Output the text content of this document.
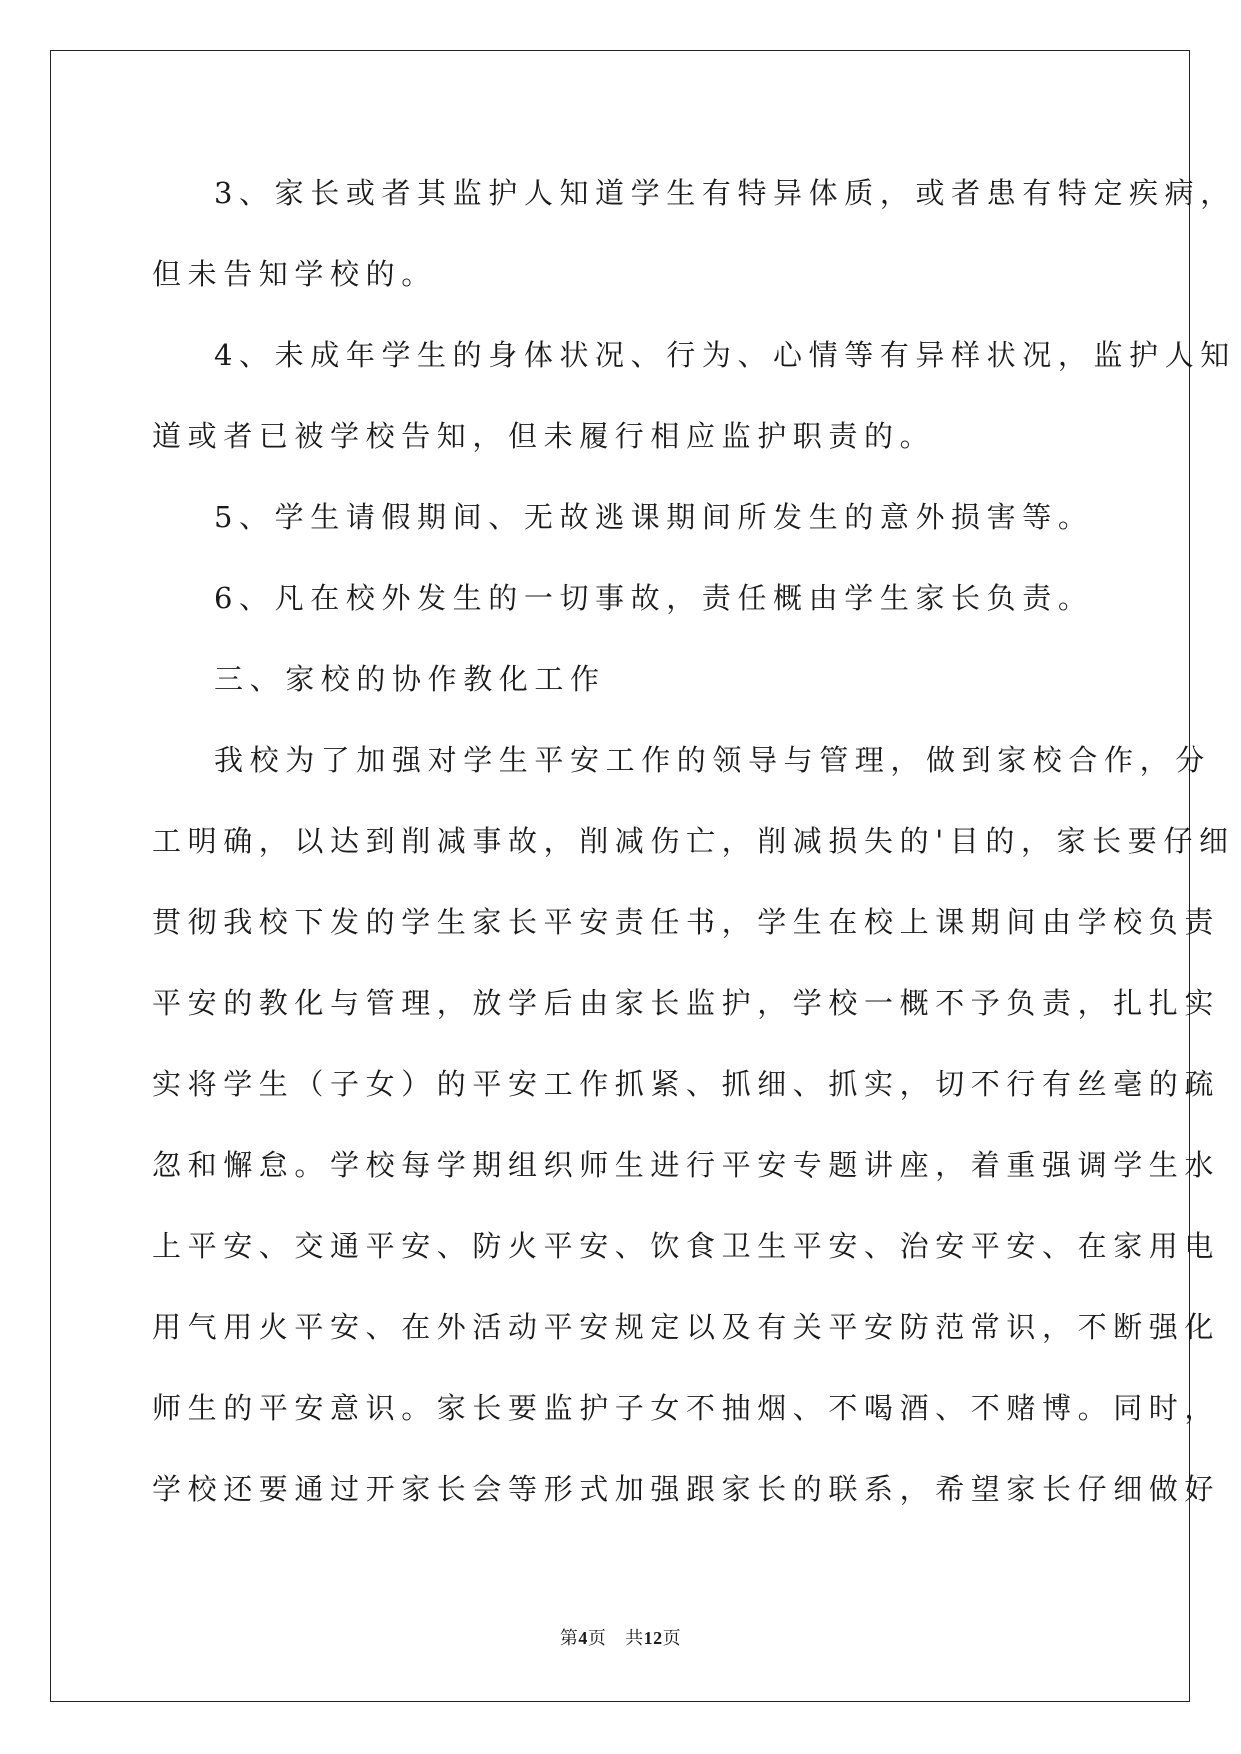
3、家长或者其监护人知道学生有特异体质，或者患有特定疾病，
但未告知学校的。
4、未成年学生的身体状况、行为、心情等有异样状况，监护人知
道或者已被学校告知，但未履行相应监护职责的。
5、学生请假期间、无故逃课期间所发生的意外损害等。
6、凡在校外发生的一切事故，责任概由学生家长负责。
三、家校的协作教化工作
我校为了加强对学生平安工作的领导与管理，做到家校合作，分
工明确，以达到削减事故，削减伤亡，削减损失的'目的，家长要仔细
贯彻我校下发的学生家长平安责任书，学生在校上课期间由学校负责
平安的教化与管理，放学后由家长监护，学校一概不予负责，扎扎实
实将学生（子女）的平安工作抓紧、抓细、抓实，切不行有丝毫的疏
忽和懈怠。学校每学期组织师生进行平安专题讲座，着重强调学生水
上平安、交通平安、防火平安、饮食卫生平安、治安平安、在家用电
用气用火平安、在外活动平安规定以及有关平安防范常识，不断强化
师生的平安意识。家长要监护子女不抽烟、不喝酒、不赌博。同时，
学校还要通过开家长会等形式加强跟家长的联系，希望家长仔细做好
第4页 共12页
